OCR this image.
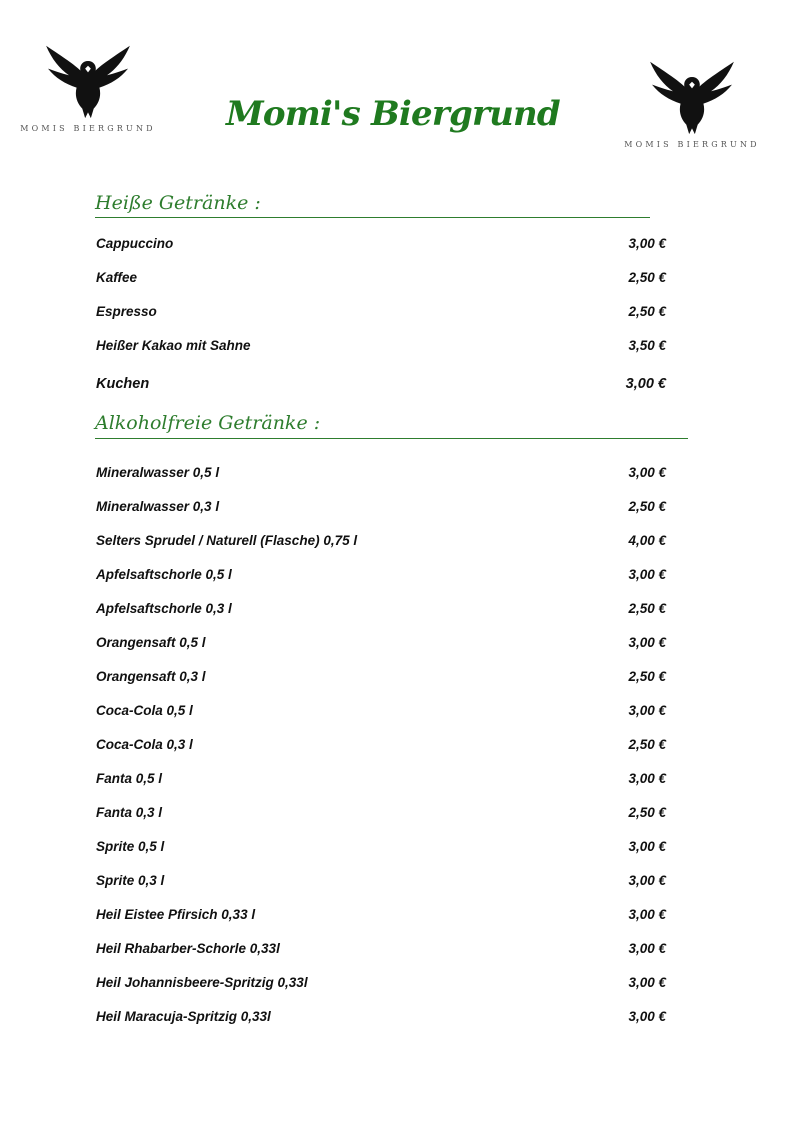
MOMIS BIERGRUND Momi's Biergrund
MOMIS BIERGRUND
Heiße Getränke :
Cappuccino	3,00 €
Kaffee	2,50 €
Espresso	2,50 €
Heißer Kakao mit Sahne	3,50 €
Kuchen	3,00 €
Alkoholfreie Getränke :
Mineralwasser 0,5 l	3,00 €
Mineralwasser 0,3 l	2,50 €
Selters Sprudel / Naturell (Flasche) 0,75 l	4,00 €
Apfelsaftschorle 0,5 l	3,00 €
Apfelsaftschorle 0,3 l	2,50 €
Orangensaft 0,5 l	3,00 €
Orangensaft 0,3 l	2,50 €
Coca-Cola 0,5 l	3,00 €
Coca-Cola 0,3 l	2,50 €
Fanta 0,5 l	3,00 €
Fanta 0,3 l	2,50 €
Sprite 0,5 l	3,00 €
Sprite 0,3 l	3,00 €
Heil Eistee Pfirsich 0,33 l	3,00 €
Heil Rhabarber-Schorle 0,33l	3,00 €
Heil Johannisbeere-Spritzig 0,33l	3,00 €
Heil Maracuja-Spritzig 0,33l	3,00 €
